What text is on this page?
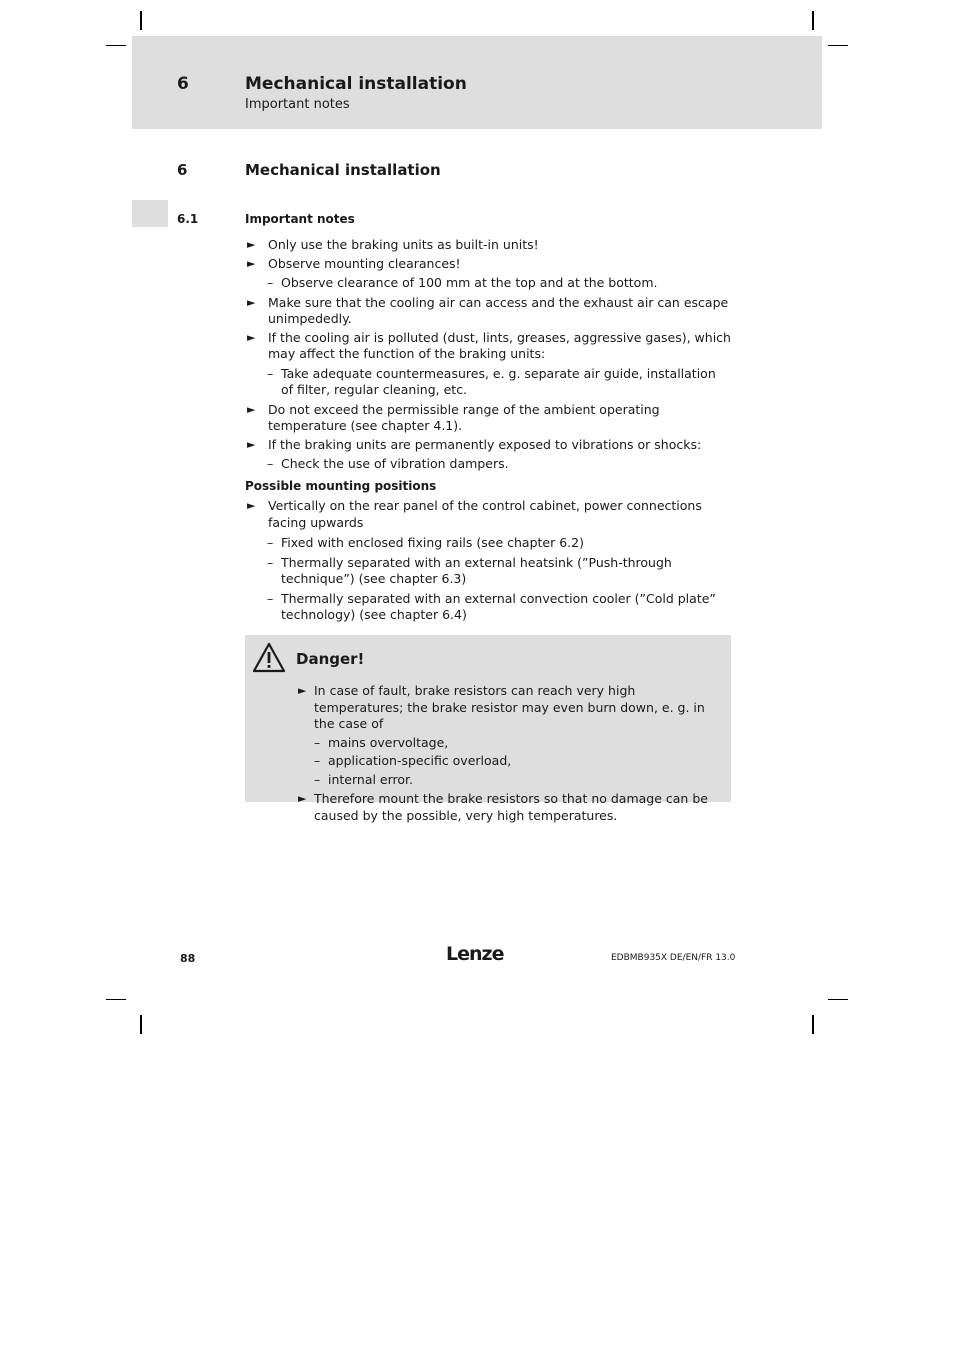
6	Mechanical installation
Important notes
6	Mechanical installation
6.1	Important notes
► Only use the braking units as built-in units!
► Observe mounting clearances!
– Observe clearance of 100 mm at the top and at the bottom.
► Make sure that the cooling air can access and the exhaust air can escape unimpededly.
► If the cooling air is polluted (dust, lints, greases, aggressive gases), which may affect the function of the braking units:
– Take adequate countermeasures, e. g. separate air guide, installation of filter, regular cleaning, etc.
► Do not exceed the permissible range of the ambient operating temperature (see chapter 4.1).
► If the braking units are permanently exposed to vibrations or shocks:
– Check the use of vibration dampers.
Possible mounting positions
► Vertically on the rear panel of the control cabinet, power connections facing upwards
– Fixed with enclosed fixing rails (see chapter 6.2)
– Thermally separated with an external heatsink (”Push-through technique”) (see chapter 6.3)
– Thermally separated with an external convection cooler (”Cold plate” technology) (see chapter 6.4)
Danger!
► In case of fault, brake resistors can reach very high temperatures; the brake resistor may even burn down, e. g. in the case of
– mains overvoltage,
– application-specific overload,
– internal error.
► Therefore mount the brake resistors so that no damage can be caused by the possible, very high temperatures.
88	Lenze	EDBMB935X DE/EN/FR 13.0
